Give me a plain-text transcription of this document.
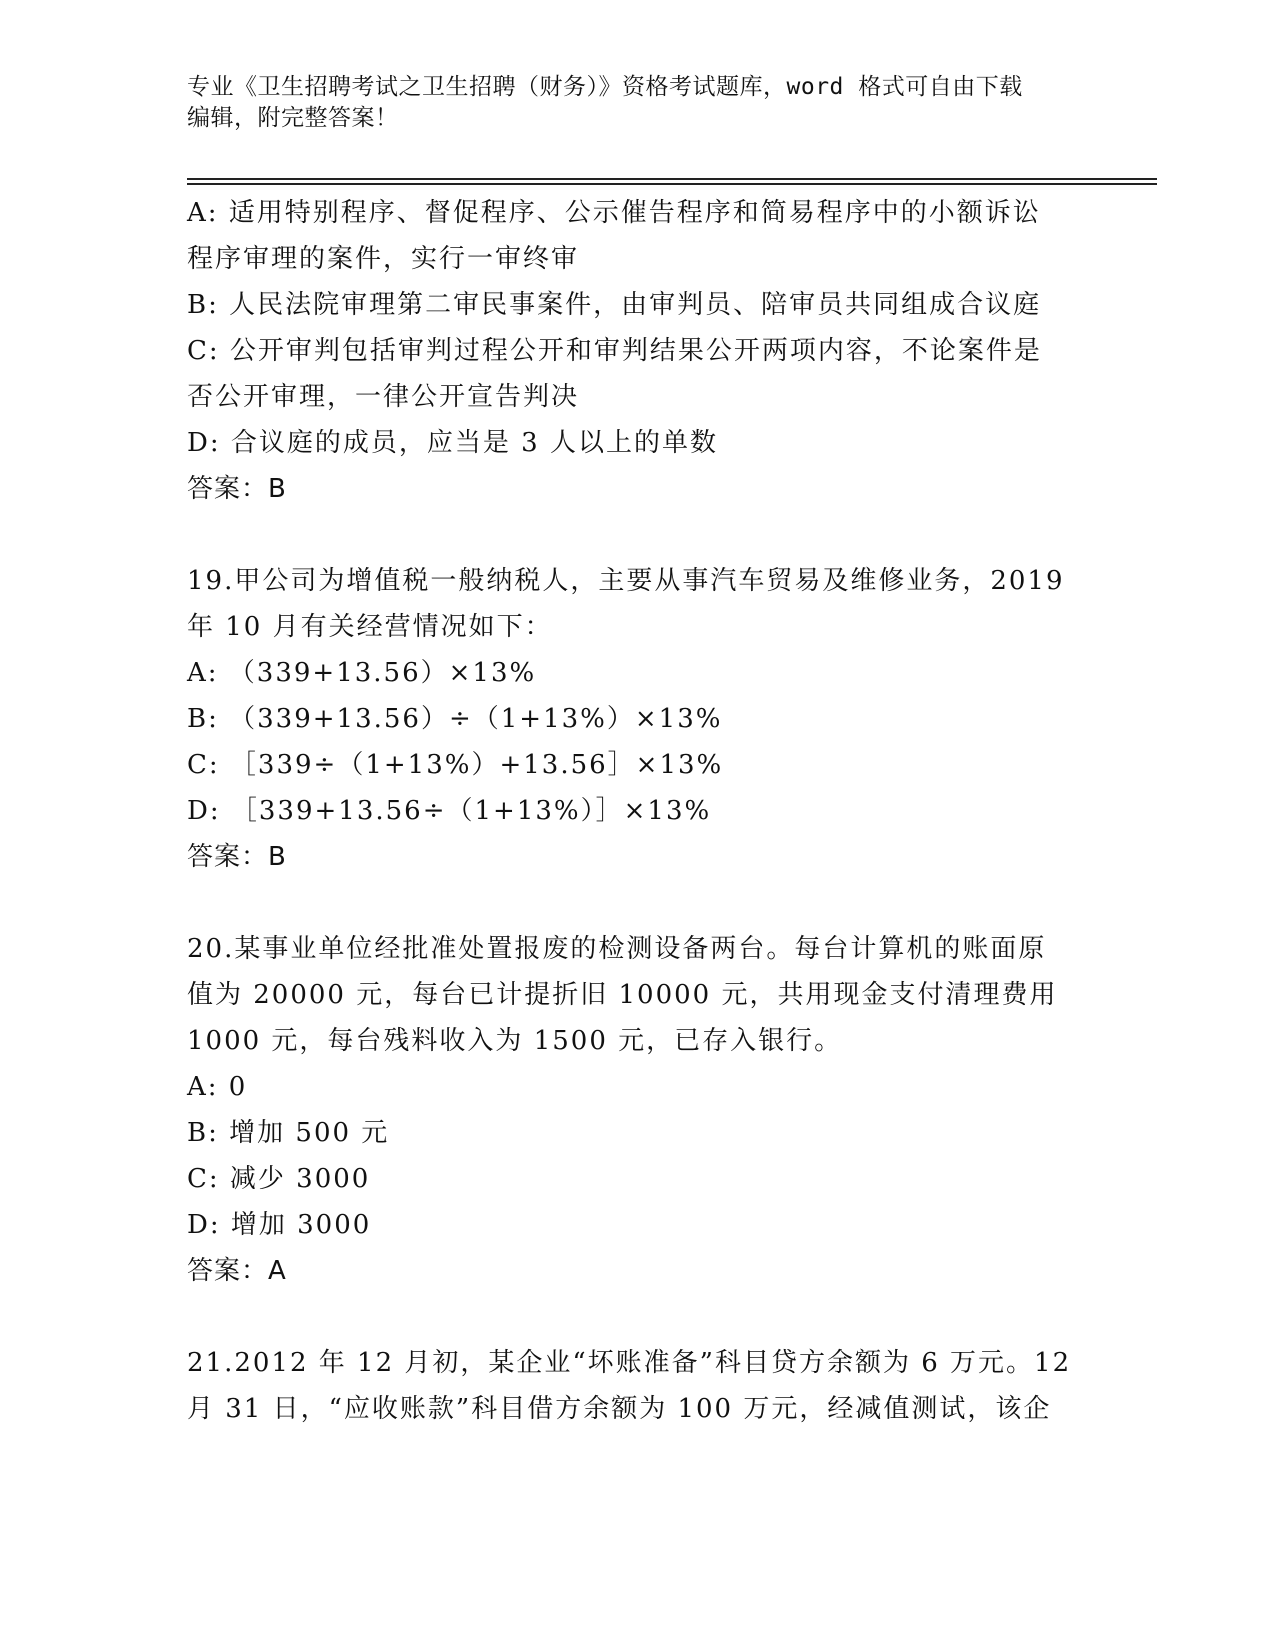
专业《卫生招聘考试之卫生招聘（财务）》资格考试题库，word 格式可自由下载
编辑，附完整答案！

A: 适用特别程序、督促程序、公示催告程序和简易程序中的小额诉讼

程序审理的案件，实行一审终审

B: 人民法院审理第二审民事案件，由审判员、陪审员共同组成合议庭

C: 公开审判包括审判过程公开和审判结果公开两项内容，不论案件是

否公开审理，一律公开宣告判决

D: 合议庭的成员，应当是 3 人以上的单数

答案：B

19.甲公司为增值税一般纳税人，主要从事汽车贸易及维修业务，2019

年 10 月有关经营情况如下：

A: （339+13.56）×13%

B: （339+13.56）÷（1+13%）×13%

C: ［339÷（1+13%）+13.56］×13%

D: ［339+13.56÷（1+13%）］×13%

答案：B

20.某事业单位经批准处置报废的检测设备两台。每台计算机的账面原

值为 20000 元，每台已计提折旧 10000 元，共用现金支付清理费用

1000 元，每台残料收入为 1500 元，已存入银行。

A: 0

B: 增加 500 元

C: 减少 3000

D: 增加 3000

答案：A

21.2012 年 12 月初，某企业“坏账准备”科目贷方余额为 6 万元。12

月 31 日，“应收账款”科目借方余额为 100 万元，经减值测试，该企
